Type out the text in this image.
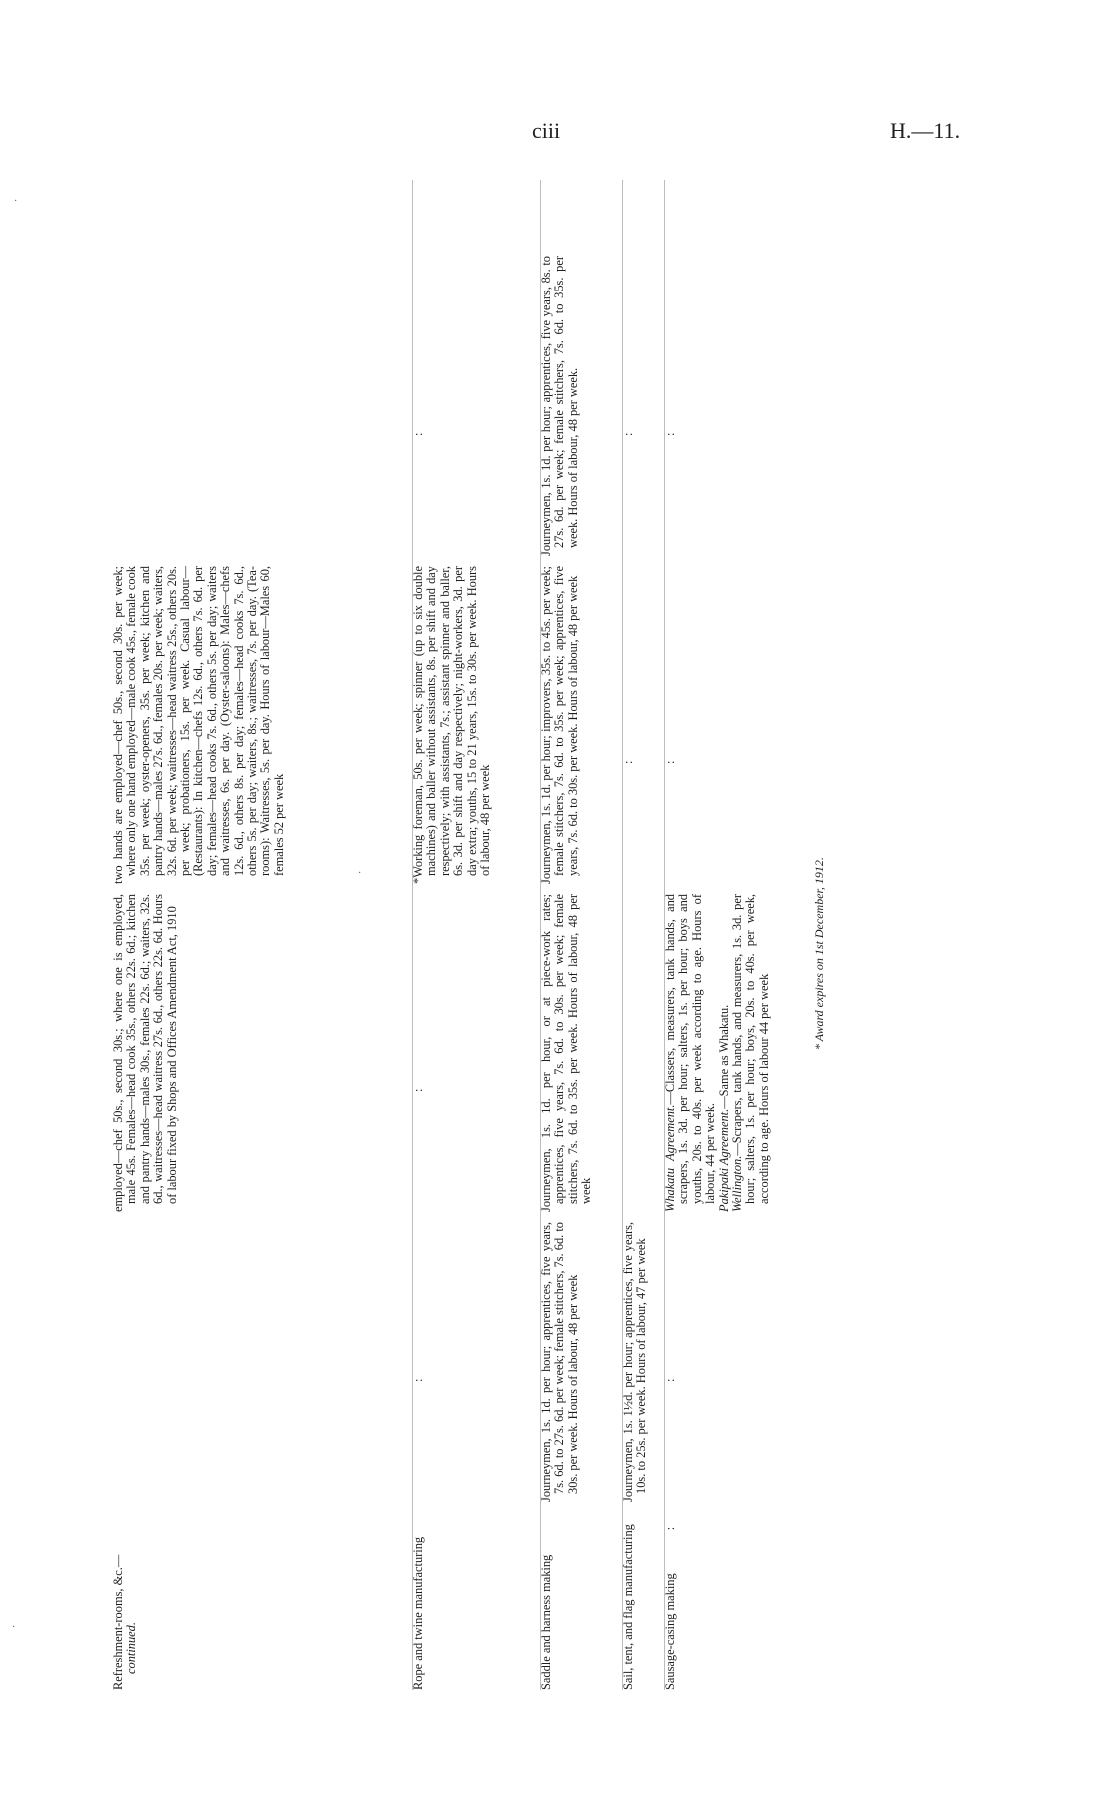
ciii	H.—11.
Refreshment-rooms, &c.— continued.
employed—chef 50s., second 30s.; where one is employed, male 45s. Females—head cook 35s., others 22s. 6d.; kitchen and pantry hands—males 30s., females 22s. 6d.; waiters, 32s. 6d., waitresses—head waitress 27s. 6d., others 22s. 6d. Hours of labour fixed by Shops and Offices Amendment Act, 1910
two hands are employed—chef 50s., second 30s. per week; where only one hand employed—male cook 45s., female cook 35s. per week; oyster-openers, 35s. per week; kitchen and pantry hands—males 27s. 6d., females 20s. per week; waiters, 32s. 6d. per week; waitresses—head waitress 25s., others 20s. per week; probationers, 15s. per week. Casual labour—(Restaurants): In kitchen—chefs 12s. 6d., others 7s. 6d. per day; females—head cooks 7s. 6d., others 5s. per day; waiters and waitresses, 6s. per day. (Oyster-saloons): Males—chefs 12s. 6d., others 8s. per day; females—head cooks 7s. 6d., others 5s. per day; waiters, 8s.; waitresses, 7s. per day. (Tea-rooms): Waitresses, 5s. per day. Hours of labour—Males 60, females 52 per week
Rope and twine manufacturing
:
:
*Working foreman, 50s. per week; spinner (up to six double machines) and baller without assistants, 8s. per shift and day respectively; with assistants, 7s.; assistant spinner and baller, 6s. 3d. per shift and day respectively; night-workers, 3d. per day extra; youths, 15 to 21 years, 15s. to 30s. per week. Hours of labour, 48 per week
:
Saddle and harness making
Journeymen, 1s. 1d. per hour; apprentices, five years, 7s. 6d. to 27s. 6d. per week; female stitchers, 7s. 6d. to 30s. per week. Hours of labour, 48 per week
Journeymen, 1s. 1d. per hour, or at piece-work rates; apprentices, five years, 7s. 6d. to 30s. per week; female stitchers, 7s. 6d. to 35s. per week. Hours of labour, 48 per week
Journeymen, 1s. 1d. per hour; improvers, 35s. to 45s. per week; female stitchers, 7s. 6d. to 35s. per week; apprentices, five years, 7s. 6d. to 30s. per week. Hours of labour, 48 per week
Journeymen, 1s. 1d. per hour; apprentices, five years, 8s. to 27s. 6d. per week; female stitchers, 7s. 6d. to 35s. per week. Hours of labour, 48 per week.
Sail, tent, and flag manufacturing
Journeymen, 1s. 1½d. per hour; apprentices, five years, 10s. to 25s. per week. Hours of labour, 47 per week
:
:
Sausage-casing making :
:
Whakatu Agreement.—Classers, measurers, tank hands, and scrapers, 1s. 3d. per hour; salters, 1s. per hour; boys and youths, 20s. to 40s. per week according to age. Hours of labour, 44 per week. Pakipaki Agreement.—Same as Whakatu.
Wellington.—Scrapers, tank hands, and measurers, 1s. 3d. per hour; salters, 1s. per hour; boys, 20s. to 40s. per week, according to age. Hours of labour 44 per week
:
:
* Award expires on 1st December, 1912.
·
·
·
